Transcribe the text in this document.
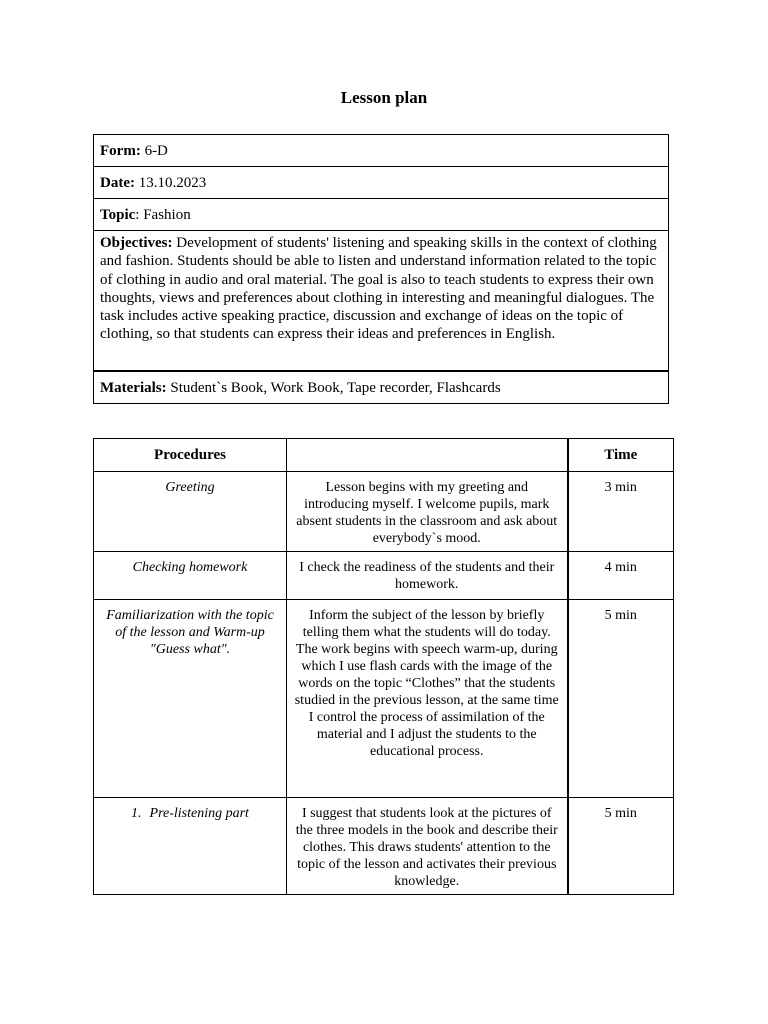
Lesson plan
Form: 6-D
Date: 13.10.2023
Topic: Fashion
Objectives: Development of students' listening and speaking skills in the context of clothing and fashion. Students should be able to listen and understand information related to the topic of clothing in audio and oral material. The goal is also to teach students to express their own thoughts, views and preferences about clothing in interesting and meaningful dialogues. The task includes active speaking practice, discussion and exchange of ideas on the topic of clothing, so that students can express their ideas and preferences in English.
Materials: Student`s Book, Work Book, Tape recorder, Flashcards
Procedures		Time
Greeting	Lesson begins with my greeting and introducing myself. I welcome pupils, mark absent students in the classroom and ask about everybody`s mood.	3 min
Checking homework	I check the readiness of the students and their homework.	4 min
Familiarization with the topic of the lesson and Warm-up "Guess what".	Inform the subject of the lesson by briefly telling them what the students will do today. The work begins with speech warm-up, during which I use flash cards with the image of the words on the topic “Clothes” that the students studied in the previous lesson, at the same time I control the process of assimilation of the material and I adjust the students to the educational process.	5 min
1. Pre-listening part	I suggest that students look at the pictures of the three models in the book and describe their clothes. This draws students' attention to the topic of the lesson and activates their previous knowledge.	5 min
